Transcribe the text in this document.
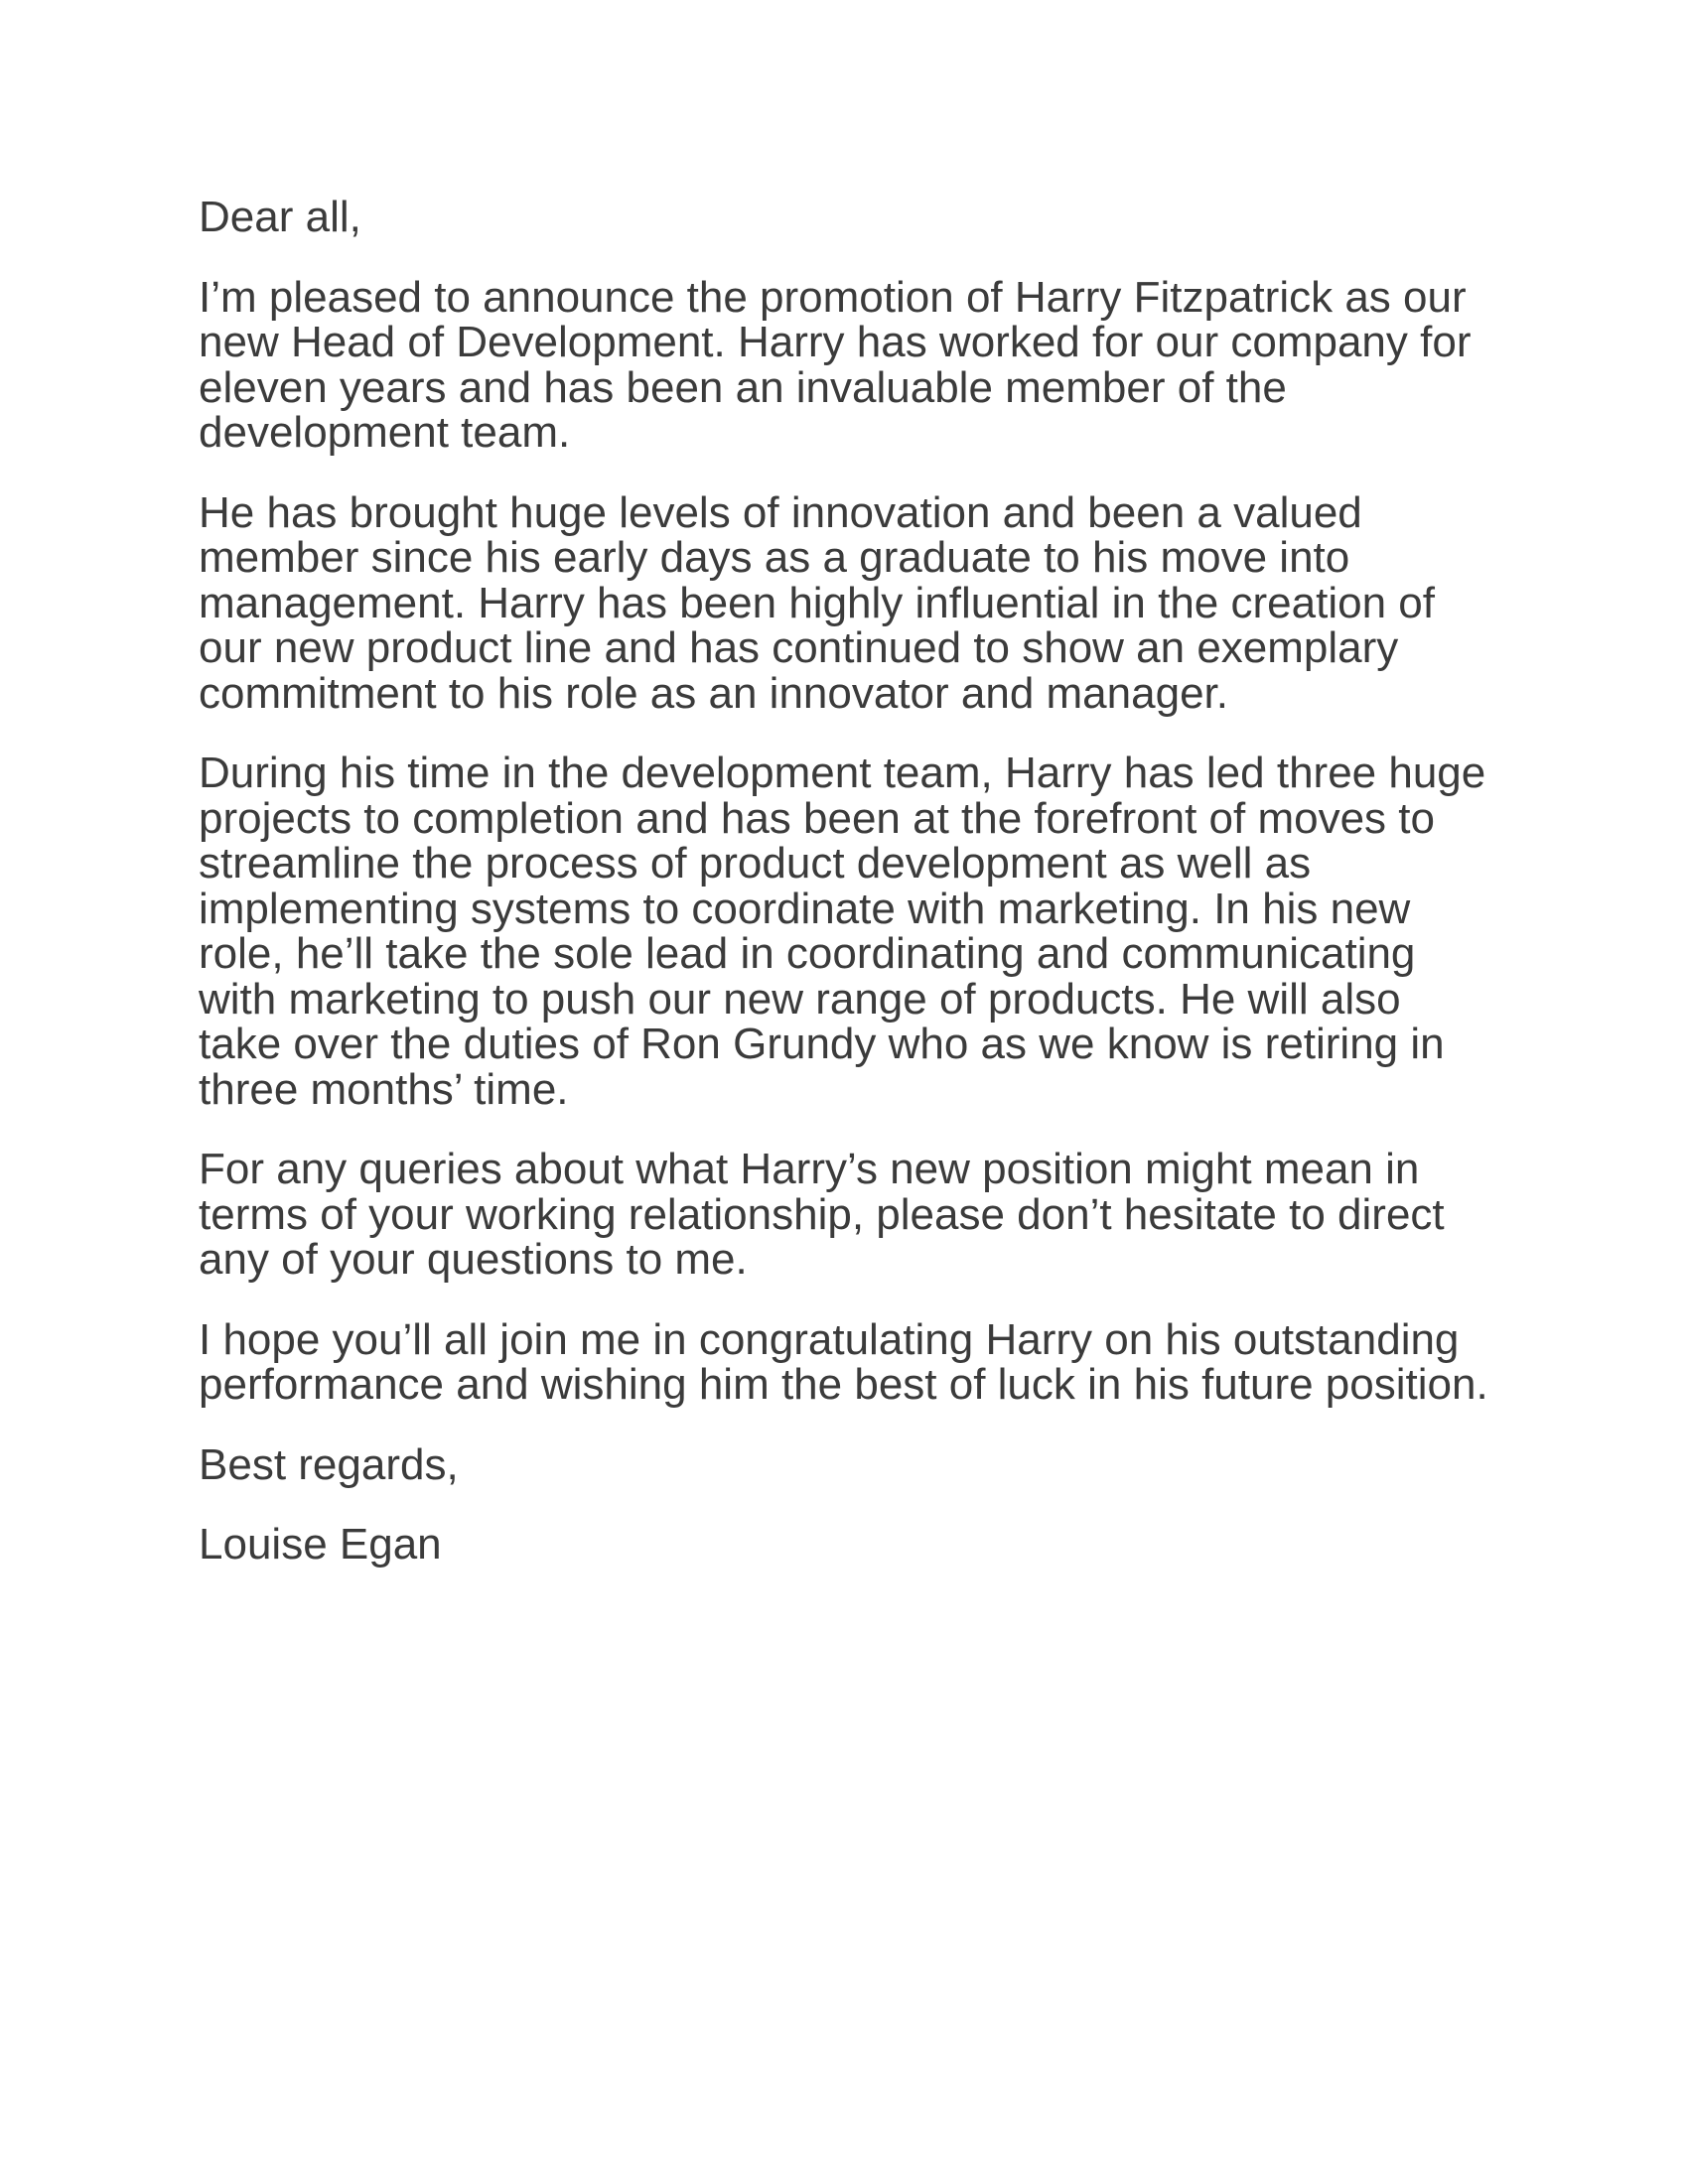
Dear all,

I’m pleased to announce the promotion of Harry Fitzpatrick as our new Head of Development. Harry has worked for our company for eleven years and has been an invaluable member of the development team.

He has brought huge levels of innovation and been a valued member since his early days as a graduate to his move into management. Harry has been highly influential in the creation of our new product line and has continued to show an exemplary commitment to his role as an innovator and manager.

During his time in the development team, Harry has led three huge projects to completion and has been at the forefront of moves to streamline the process of product development as well as implementing systems to coordinate with marketing. In his new role, he’ll take the sole lead in coordinating and communicating with marketing to push our new range of products. He will also take over the duties of Ron Grundy who as we know is retiring in three months’ time.

For any queries about what Harry’s new position might mean in terms of your working relationship, please don’t hesitate to direct any of your questions to me.

I hope you’ll all join me in congratulating Harry on his outstanding performance and wishing him the best of luck in his future position.

Best regards,

Louise Egan
